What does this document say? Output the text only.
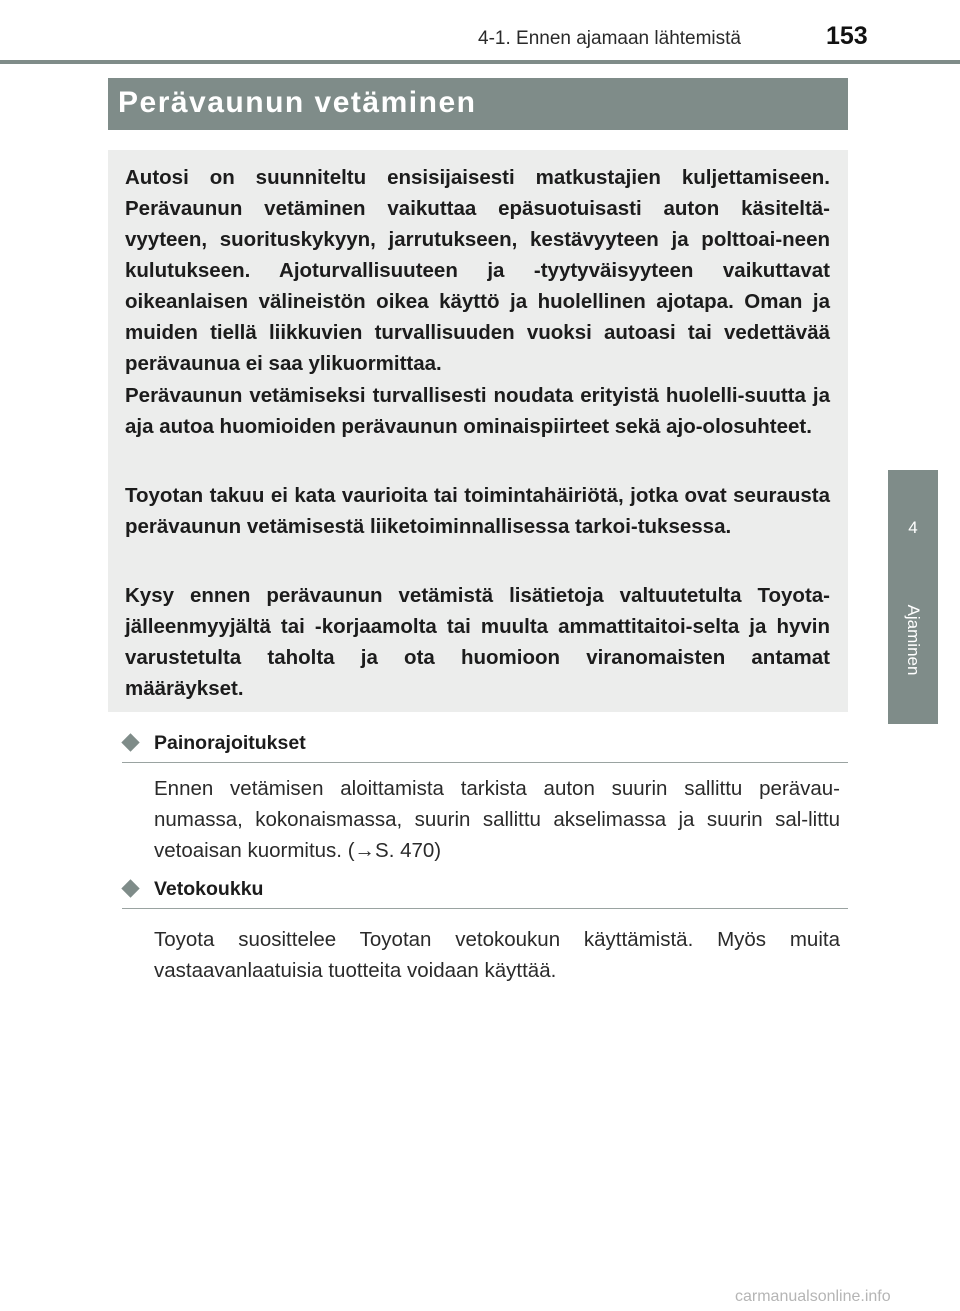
4-1. Ennen ajamaan lähtemistä	153
4
Ajaminen
Perävaunun vetäminen

Autosi on suunniteltu ensisijaisesti matkustajien kuljettamiseen. Perävaunun vetäminen vaikuttaa epäsuotuisasti auton käsiteltä-vyyteen, suorituskykyyn, jarrutukseen, kestävyyteen ja polttoai-neen kulutukseen. Ajoturvallisuuteen ja -tyytyväisyyteen vaikuttavat oikeanlaisen välineistön oikea käyttö ja huolellinen ajotapa. Oman ja muiden tiellä liikkuvien turvallisuuden vuoksi autoasi tai vedettävää perävaunua ei saa ylikuormittaa.

Perävaunun vetämiseksi turvallisesti noudata erityistä huolelli-suutta ja aja autoa huomioiden perävaunun ominaispiirteet sekä ajo-olosuhteet.

Toyotan takuu ei kata vaurioita tai toimintahäiriötä, jotka ovat seurausta perävaunun vetämisestä liiketoiminnallisessa tarkoi-tuksessa.

Kysy ennen perävaunun vetämistä lisätietoja valtuutetulta Toyota-jälleenmyyjältä tai -korjaamolta tai muulta ammattitaitoi-selta ja hyvin varustetulta taholta ja ota huomioon viranomaisten antamat määräykset.

Painorajoitukset

Ennen vetämisen aloittamista tarkista auton suurin sallittu perävau-numassa, kokonaismassa, suurin sallittu akselimassa ja suurin sal-littu vetoaisan kuormitus. (→S. 470)

Vetokoukku

Toyota suosittelee Toyotan vetokoukun käyttämistä. Myös muita vastaavanlaatuisia tuotteita voidaan käyttää.

carmanualsonline.info
